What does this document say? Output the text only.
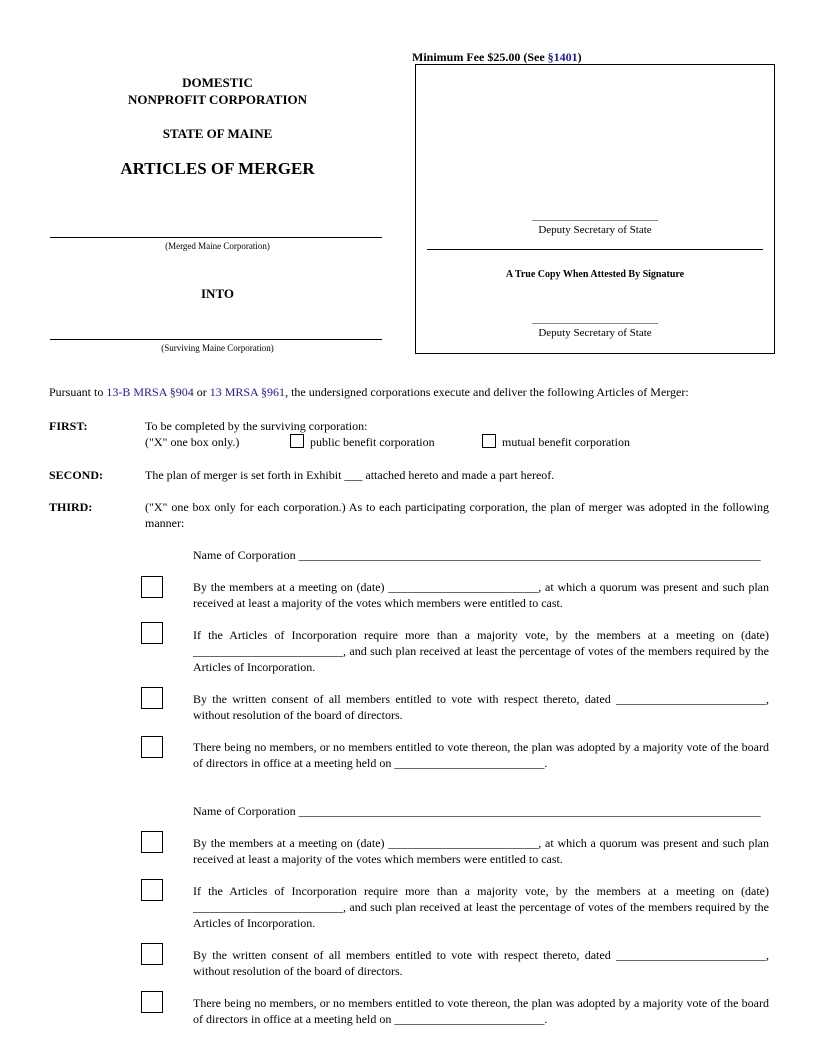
Minimum Fee $25.00 (See §1401)
DOMESTIC
NONPROFIT CORPORATION
STATE OF MAINE
ARTICLES OF MERGER
(Merged Maine Corporation)
INTO
(Surviving Maine Corporation)
Deputy Secretary of State
A True Copy When Attested By Signature
Deputy Secretary of State
Pursuant to 13-B MRSA §904 or 13 MRSA §961, the undersigned corporations execute and deliver the following Articles of Merger:
FIRST:	To be completed by the surviving corporation:
("X" one box only.)	public benefit corporation	mutual benefit corporation
SECOND:	The plan of merger is set forth in Exhibit ___ attached hereto and made a part hereof.
THIRD:	("X" one box only for each corporation.) As to each participating corporation, the plan of merger was adopted in the following manner:
Name of Corporation _____________________________________________________________________________
By the members at a meeting on (date) _________________________, at which a quorum was present and such plan received at least a majority of the votes which members were entitled to cast.
If the Articles of Incorporation require more than a majority vote, by the members at a meeting on (date) _________________________, and such plan received at least the percentage of votes of the members required by the Articles of Incorporation.
By the written consent of all members entitled to vote with respect thereto, dated _________________________, without resolution of the board of directors.
There being no members, or no members entitled to vote thereon, the plan was adopted by a majority vote of the board of directors in office at a meeting held on _________________________.
Name of Corporation _____________________________________________________________________________
By the members at a meeting on (date) _________________________, at which a quorum was present and such plan received at least a majority of the votes which members were entitled to cast.
If the Articles of Incorporation require more than a majority vote, by the members at a meeting on (date) _________________________, and such plan received at least the percentage of votes of the members required by the Articles of Incorporation.
By the written consent of all members entitled to vote with respect thereto, dated _________________________, without resolution of the board of directors.
There being no members, or no members entitled to vote thereon, the plan was adopted by a majority vote of the board of directors in office at a meeting held on _________________________.
